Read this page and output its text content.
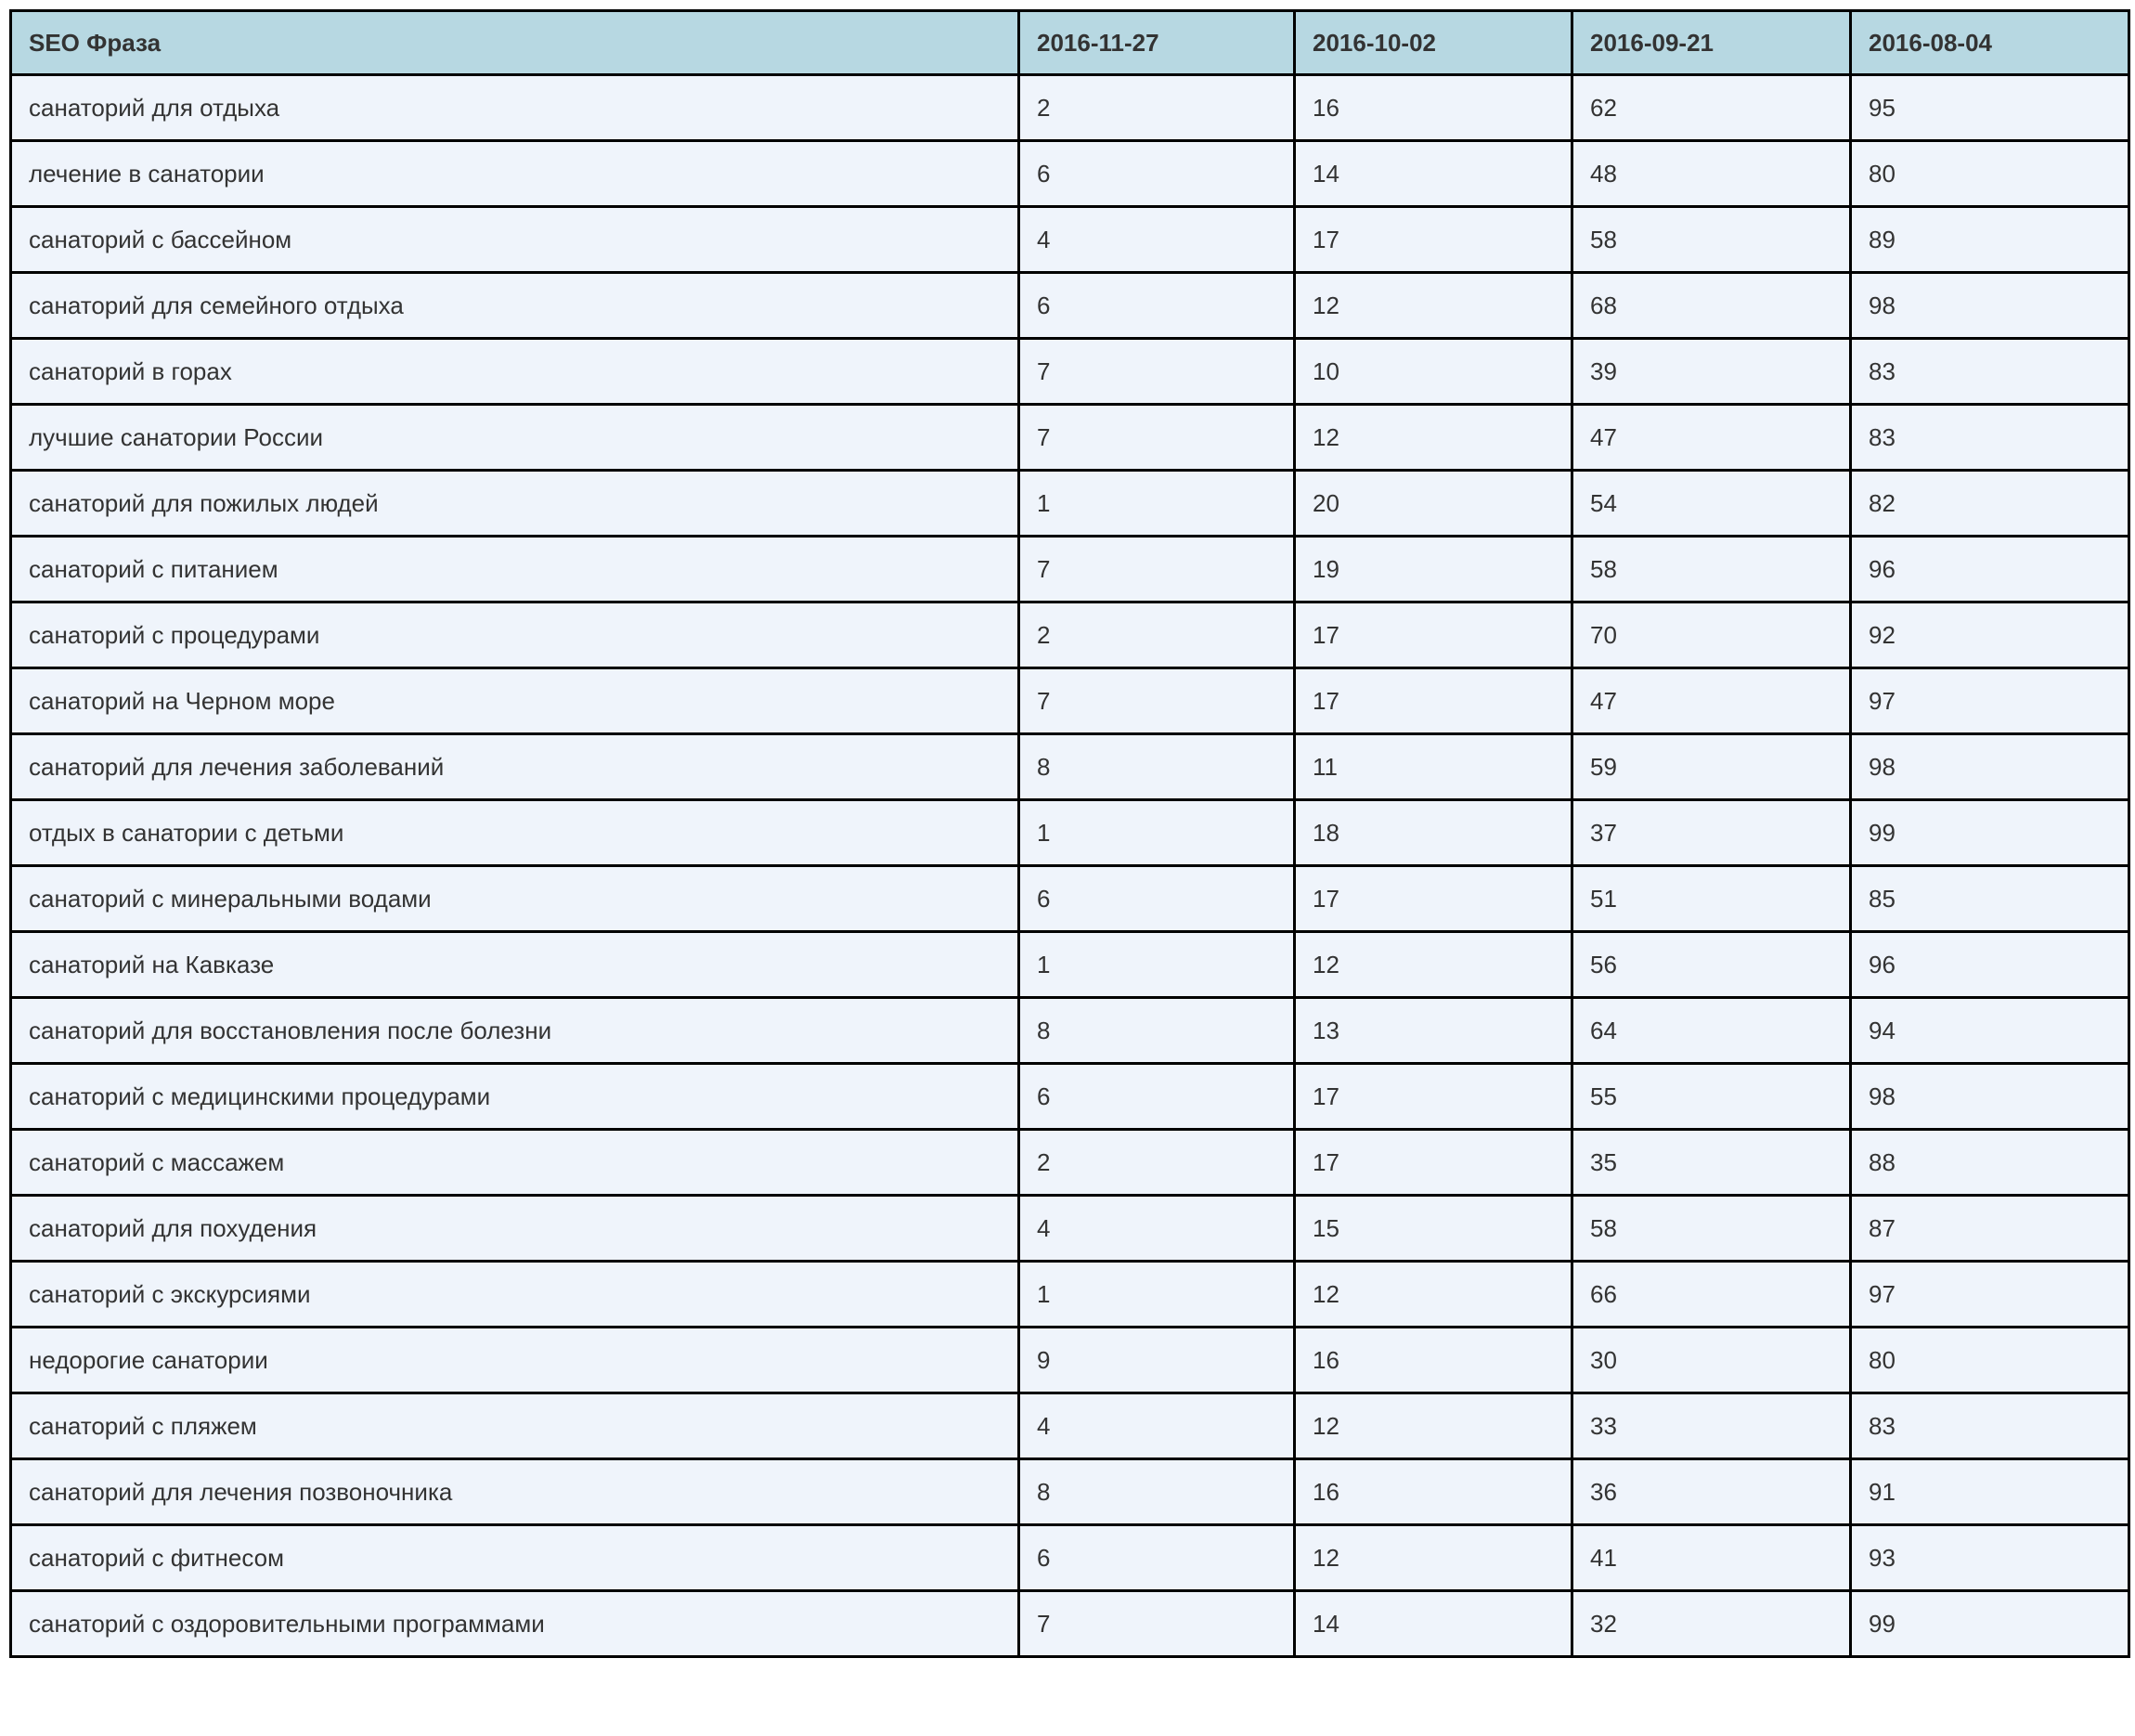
SEO Фраза	2016-11-27	2016-10-02	2016-09-21	2016-08-04
санаторий для отдыха	2	16	62	95
лечение в санатории	6	14	48	80
санаторий с бассейном	4	17	58	89
санаторий для семейного отдыха	6	12	68	98
санаторий в горах	7	10	39	83
лучшие санатории России	7	12	47	83
санаторий для пожилых людей	1	20	54	82
санаторий с питанием	7	19	58	96
санаторий с процедурами	2	17	70	92
санаторий на Черном море	7	17	47	97
санаторий для лечения заболеваний	8	11	59	98
отдых в санатории с детьми	1	18	37	99
санаторий с минеральными водами	6	17	51	85
санаторий на Кавказе	1	12	56	96
санаторий для восстановления после болезни	8	13	64	94
санаторий с медицинскими процедурами	6	17	55	98
санаторий с массажем	2	17	35	88
санаторий для похудения	4	15	58	87
санаторий с экскурсиями	1	12	66	97
недорогие санатории	9	16	30	80
санаторий с пляжем	4	12	33	83
санаторий для лечения позвоночника	8	16	36	91
санаторий с фитнесом	6	12	41	93
санаторий с оздоровительными программами	7	14	32	99
